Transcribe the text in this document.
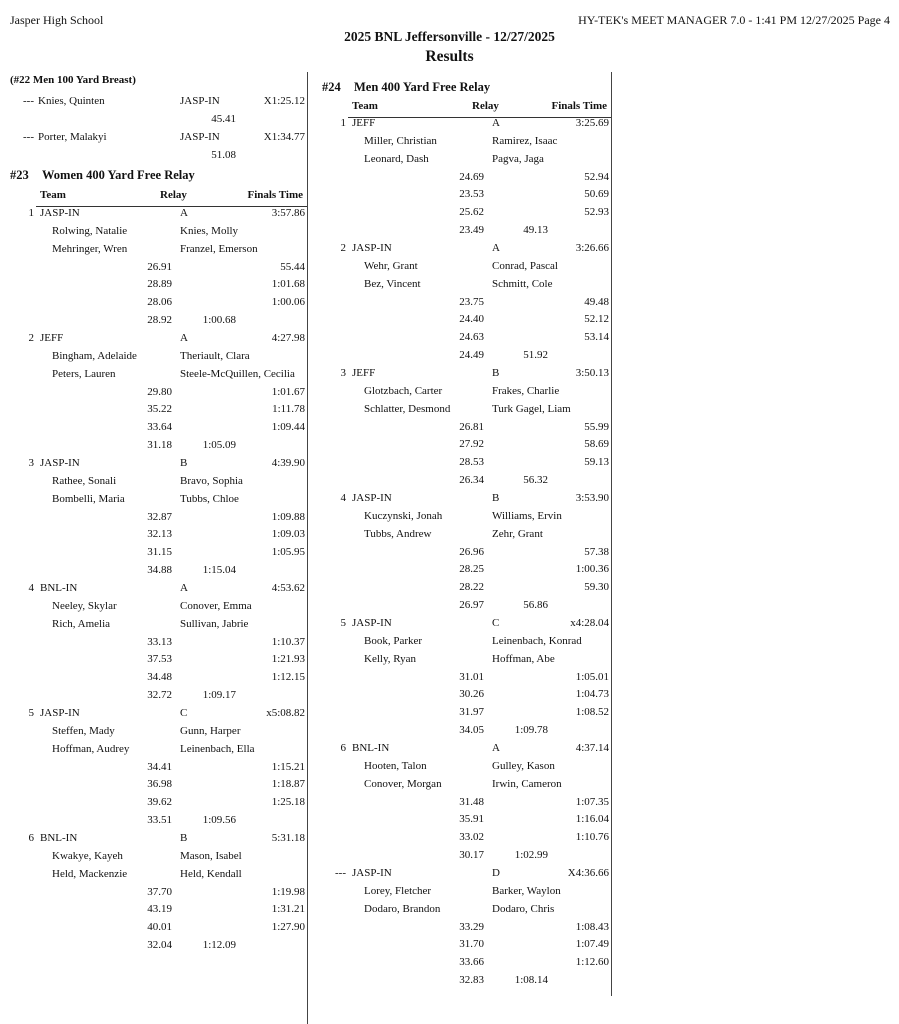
Jasper High School	HY-TEK's MEET MANAGER 7.0 - 1:41 PM 12/27/2025 Page 4
2025 BNL Jeffersonville - 12/27/2025
Results
(#22 Men 100 Yard Breast)
--- Knies, Quinten	JASP-IN	X1:25.12
45.41
--- Porter, Malakyi	JASP-IN	X1:34.77
51.08
#23 Women 400 Yard Free Relay
Team	Relay	Finals Time
1 JASP-IN	A	3:57.86
Rolwing, Natalie	Knies, Molly
Mehringer, Wren	Franzel, Emerson
26.91	55.44
28.89	1:01.68
28.06	1:00.06
28.92	1:00.68
2 JEFF	A	4:27.98
Bingham, Adelaide	Theriault, Clara
Peters, Lauren	Steele-McQuillen, Cecilia
29.80	1:01.67
35.22	1:11.78
33.64	1:09.44
31.18	1:05.09
3 JASP-IN	B	4:39.90
Rathee, Sonali	Bravo, Sophia
Bombelli, Maria	Tubbs, Chloe
32.87	1:09.88
32.13	1:09.03
31.15	1:05.95
34.88	1:15.04
4 BNL-IN	A	4:53.62
Neeley, Skylar	Conover, Emma
Rich, Amelia	Sullivan, Jabrie
33.13	1:10.37
37.53	1:21.93
34.48	1:12.15
32.72	1:09.17
5 JASP-IN	C	x5:08.82
Steffen, Mady	Gunn, Harper
Hoffman, Audrey	Leinenbach, Ella
34.41	1:15.21
36.98	1:18.87
39.62	1:25.18
33.51	1:09.56
6 BNL-IN	B	5:31.18
Kwakye, Kayeh	Mason, Isabel
Held, Mackenzie	Held, Kendall
37.70	1:19.98
43.19	1:31.21
40.01	1:27.90
32.04	1:12.09
#24 Men 400 Yard Free Relay
Team	Relay	Finals Time
1 JEFF	A	3:25.69
Miller, Christian	Ramirez, Isaac
Leonard, Dash	Pagva, Jaga
24.69	52.94
23.53	50.69
25.62	52.93
23.49	49.13
2 JASP-IN	A	3:26.66
Wehr, Grant	Conrad, Pascal
Bez, Vincent	Schmitt, Cole
23.75	49.48
24.40	52.12
24.63	53.14
24.49	51.92
3 JEFF	B	3:50.13
Glotzbach, Carter	Frakes, Charlie
Schlatter, Desmond	Turk Gagel, Liam
26.81	55.99
27.92	58.69
28.53	59.13
26.34	56.32
4 JASP-IN	B	3:53.90
Kuczynski, Jonah	Williams, Ervin
Tubbs, Andrew	Zehr, Grant
26.96	57.38
28.25	1:00.36
28.22	59.30
26.97	56.86
5 JASP-IN	C	x4:28.04
Book, Parker	Leinenbach, Konrad
Kelly, Ryan	Hoffman, Abe
31.01	1:05.01
30.26	1:04.73
31.97	1:08.52
34.05	1:09.78
6 BNL-IN	A	4:37.14
Hooten, Talon	Gulley, Kason
Conover, Morgan	Irwin, Cameron
31.48	1:07.35
35.91	1:16.04
33.02	1:10.76
30.17	1:02.99
--- JASP-IN	D	X4:36.66
Lorey, Fletcher	Barker, Waylon
Dodaro, Brandon	Dodaro, Chris
33.29	1:08.43
31.70	1:07.49
33.66	1:12.60
32.83	1:08.14
